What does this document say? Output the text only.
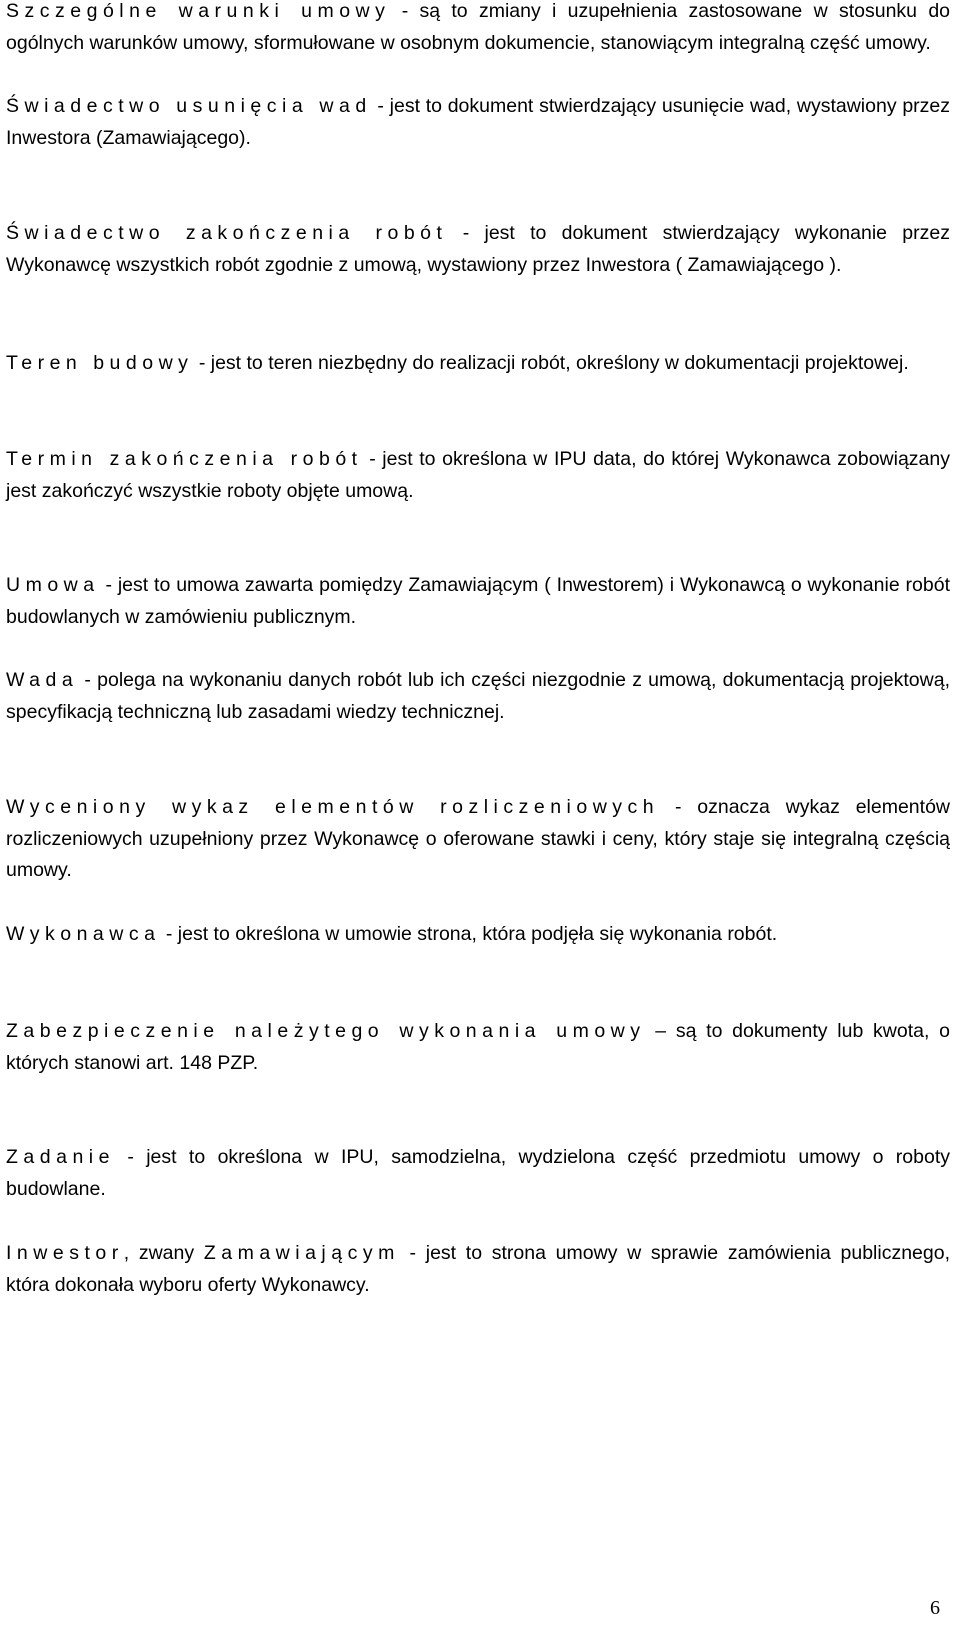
Szczególne warunki umowy - są to zmiany i uzupełnienia zastosowane w stosunku do ogólnych warunków umowy, sformułowane w osobnym dokumencie, stanowiącym integralną część umowy.

Świadectwo usunięcia wad - jest to dokument stwierdzający usunięcie wad, wystawiony przez Inwestora (Zamawiającego).

Świadectwo zakończenia robót - jest to dokument stwierdzający wykonanie przez Wykonawcę wszystkich robót zgodnie z umową, wystawiony przez Inwestora ( Zamawiającego ).

Teren budowy - jest to teren niezbędny do realizacji robót, określony w dokumentacji projektowej.

Termin zakończenia robót - jest to określona w IPU data, do której Wykonawca zobowiązany jest zakończyć wszystkie roboty objęte umową.

Umowa - jest to umowa zawarta pomiędzy Zamawiającym ( Inwestorem) i Wykonawcą o wykonanie robót budowlanych w zamówieniu publicznym.

Wada - polega na wykonaniu danych robót lub ich części niezgodnie z umową, dokumentacją projektową, specyfikacją techniczną lub zasadami wiedzy technicznej.

Wyceniony wykaz elementów rozliczeniowych - oznacza wykaz elementów rozliczeniowych uzupełniony przez Wykonawcę o oferowane stawki i ceny, który staje się integralną częścią umowy.

Wykonawca - jest to określona w umowie strona, która podjęła się wykonania robót.

Zabezpieczenie należytego wykonania umowy – są to dokumenty lub kwota, o których stanowi art. 148 PZP.

Zadanie - jest to określona w IPU, samodzielna, wydzielona część przedmiotu umowy o roboty budowlane.

Inwestor, zwany Zamawiającym - jest to strona umowy w sprawie zamówienia publicznego, która dokonała wyboru oferty Wykonawcy.

6
